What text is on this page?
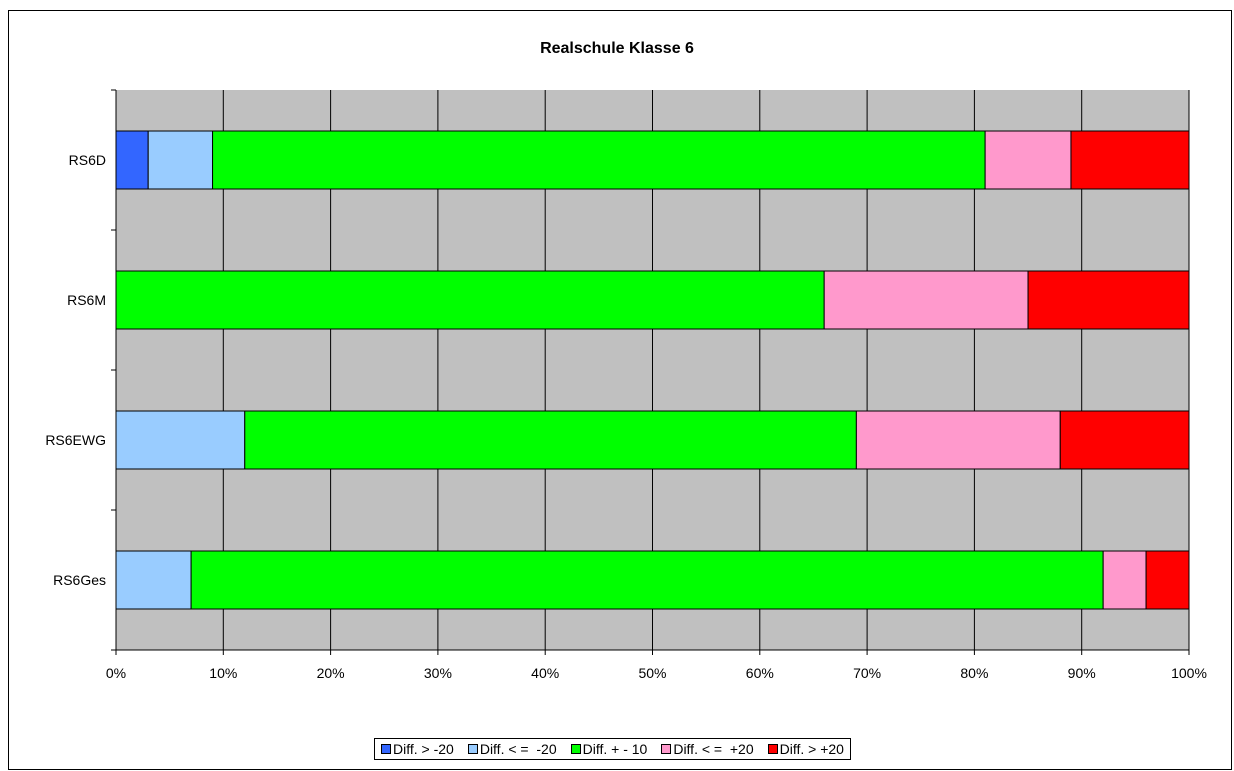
Realschule Klasse 6
RS6D
RS6M
RS6EWG
RS6Ges
0%	10%	20%	30%	40%	50%	60%	70%	80%	90%	100%
Diff. > -20 Diff. < =  -20 Diff. + - 10 Diff. < =  +20 Diff. > +20
